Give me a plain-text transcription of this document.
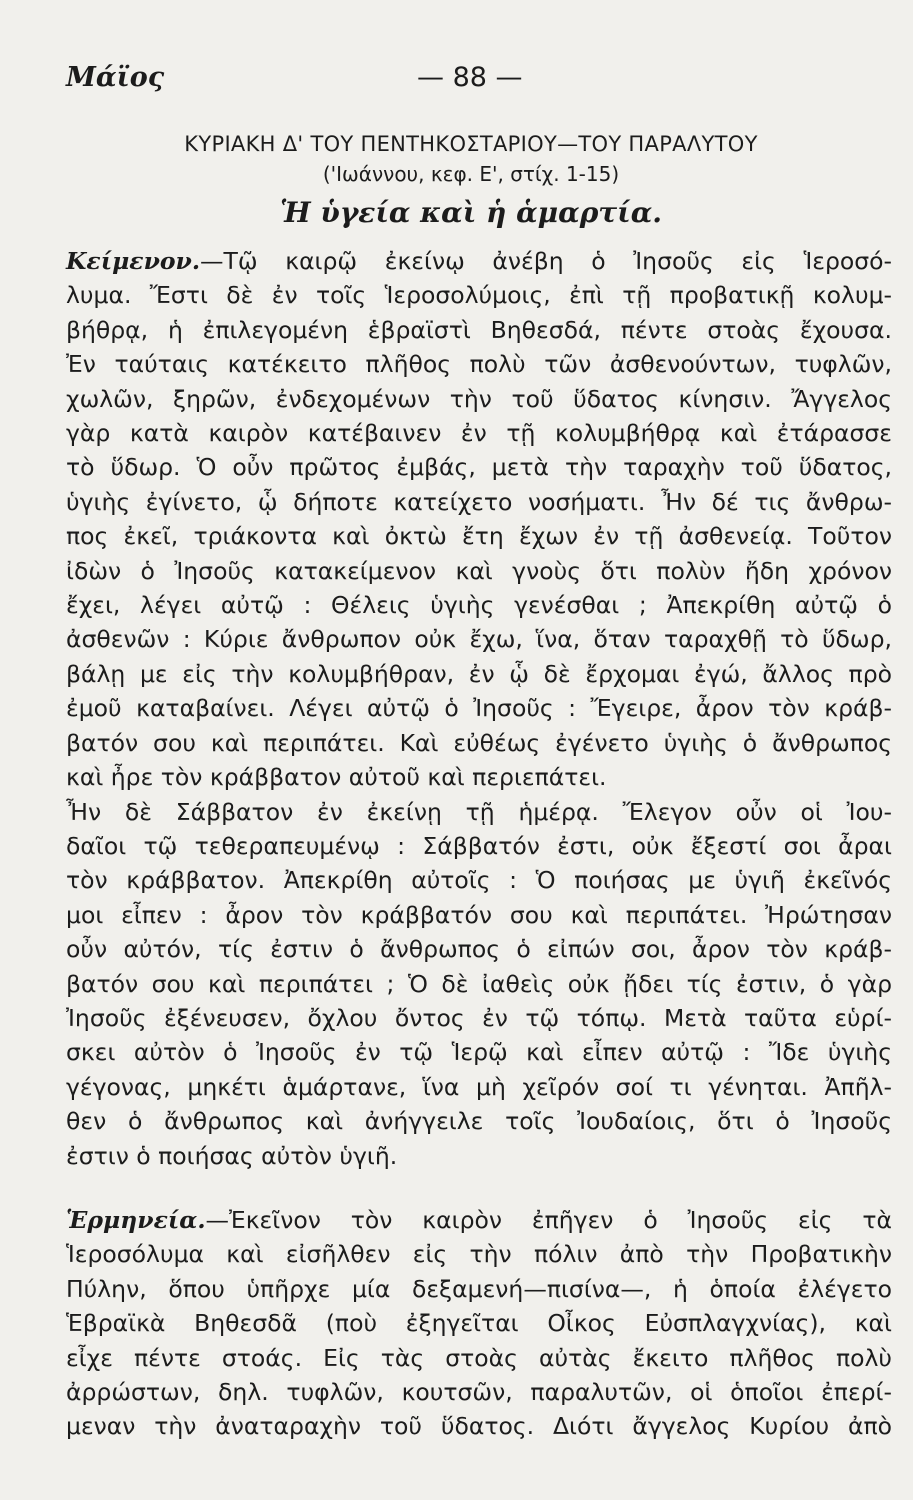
Μάϊος	— 88 —
ΚΥΡΙΑΚΗ Δ' ΤΟΥ ΠΕΝΤΗΚΟΣΤΑΡΙΟΥ—ΤΟΥ ΠΑΡΑΛΥΤΟΥ
('Ιωάννου, κεφ. Ε', στίχ. 1-15)
Ἡ ὑγεία καὶ ἡ ἁμαρτία.

Κείμενον.—Τῷ καιρῷ ἐκείνῳ ἀνέβη ὁ Ἰησοῦς εἰς Ἱεροσό-

λυμα. Ἔστι δὲ ἐν τοῖς Ἱεροσολύμοις, ἐπὶ τῇ προβατικῇ κολυμ-

βήθρᾳ, ἡ ἐπιλεγομένη ἑβραϊστὶ Βηθεσδά, πέντε στοὰς ἔχουσα.

Ἐν ταύταις κατέκειτο πλῆθος πολὺ τῶν ἀσθενούντων, τυφλῶν,

χωλῶν, ξηρῶν, ἐνδεχομένων τὴν τοῦ ὕδατος κίνησιν. Ἄγγελος

γὰρ κατὰ καιρὸν κατέβαινεν ἐν τῇ κολυμβήθρᾳ καὶ ἐτάρασσε

τὸ ὕδωρ. Ὁ οὖν πρῶτος ἐμβάς, μετὰ τὴν ταραχὴν τοῦ ὕδατος,

ὑγιὴς ἐγίνετο, ᾧ δήποτε κατείχετο νοσήματι. Ἦν δέ τις ἄνθρω-

πος ἐκεῖ, τριάκοντα καὶ ὀκτὼ ἔτη ἔχων ἐν τῇ ἀσθενείᾳ. Τοῦτον

ἰδὼν ὁ Ἰησοῦς κατακείμενον καὶ γνοὺς ὅτι πολὺν ἤδη χρόνον

ἔχει, λέγει αὐτῷ : Θέλεις ὑγιὴς γενέσθαι ; Ἀπεκρίθη αὐτῷ ὁ

ἀσθενῶν : Κύριε ἄνθρωπον οὐκ ἔχω, ἵνα, ὅταν ταραχθῇ τὸ ὕδωρ,

βάλῃ με εἰς τὴν κολυμβήθραν, ἐν ᾧ δὲ ἔρχομαι ἐγώ, ἄλλος πρὸ

ἐμοῦ καταβαίνει. Λέγει αὐτῷ ὁ Ἰησοῦς : Ἔγειρε, ἆρον τὸν κράβ-

βατόν σου καὶ περιπάτει. Καὶ εὐθέως ἐγένετο ὑγιὴς ὁ ἄνθρωπος

καὶ ἦρε τὸν κράββατον αὐτοῦ καὶ περιεπάτει.

Ἦν δὲ Σάββατον ἐν ἐκείνῃ τῇ ἡμέρᾳ. Ἔλεγον οὖν οἱ Ἰου-

δαῖοι τῷ τεθεραπευμένῳ : Σάββατόν ἐστι, οὐκ ἔξεστί σοι ἆραι

τὸν κράββατον. Ἀπεκρίθη αὐτοῖς : Ὁ ποιήσας με ὑγιῆ ἐκεῖνός

μοι εἶπεν : ἆρον τὸν κράββατόν σου καὶ περιπάτει. Ἠρώτησαν

οὖν αὐτόν, τίς ἐστιν ὁ ἄνθρωπος ὁ εἰπών σοι, ἆρον τὸν κράβ-

βατόν σου καὶ περιπάτει ; Ὁ δὲ ἰαθεὶς οὐκ ᾔδει τίς ἐστιν, ὁ γὰρ

Ἰησοῦς ἐξένευσεν, ὄχλου ὄντος ἐν τῷ τόπῳ. Μετὰ ταῦτα εὑρί-

σκει αὐτὸν ὁ Ἰησοῦς ἐν τῷ Ἱερῷ καὶ εἶπεν αὐτῷ : Ἴδε ὑγιὴς

γέγονας, μηκέτι ἁμάρτανε, ἵνα μὴ χεῖρόν σοί τι γένηται. Ἀπῆλ-

θεν ὁ ἄνθρωπος καὶ ἀνήγγειλε τοῖς Ἰουδαίοις, ὅτι ὁ Ἰησοῦς

ἐστιν ὁ ποιήσας αὐτὸν ὑγιῆ.

Ἑρμηνεία.—Ἐκεῖνον τὸν καιρὸν ἐπῆγεν ὁ Ἰησοῦς εἰς τὰ

Ἱεροσόλυμα καὶ εἰσῆλθεν εἰς τὴν πόλιν ἀπὸ τὴν Προβατικὴν

Πύλην, ὅπου ὑπῆρχε μία δεξαμενή—πισίνα—, ἡ ὁποία ἐλέγετο

Ἑβραϊκὰ Βηθεσδᾶ (ποὺ ἐξηγεῖται Οἶκος Εὐσπλαγχνίας), καὶ

εἶχε πέντε στοάς. Εἰς τὰς στοὰς αὐτὰς ἔκειτο πλῆθος πολὺ

ἀρρώστων, δηλ. τυφλῶν, κουτσῶν, παραλυτῶν, οἱ ὁποῖοι ἐπερί-

μεναν τὴν ἀναταραχὴν τοῦ ὕδατος. Διότι ἄγγελος Κυρίου ἀπὸ
